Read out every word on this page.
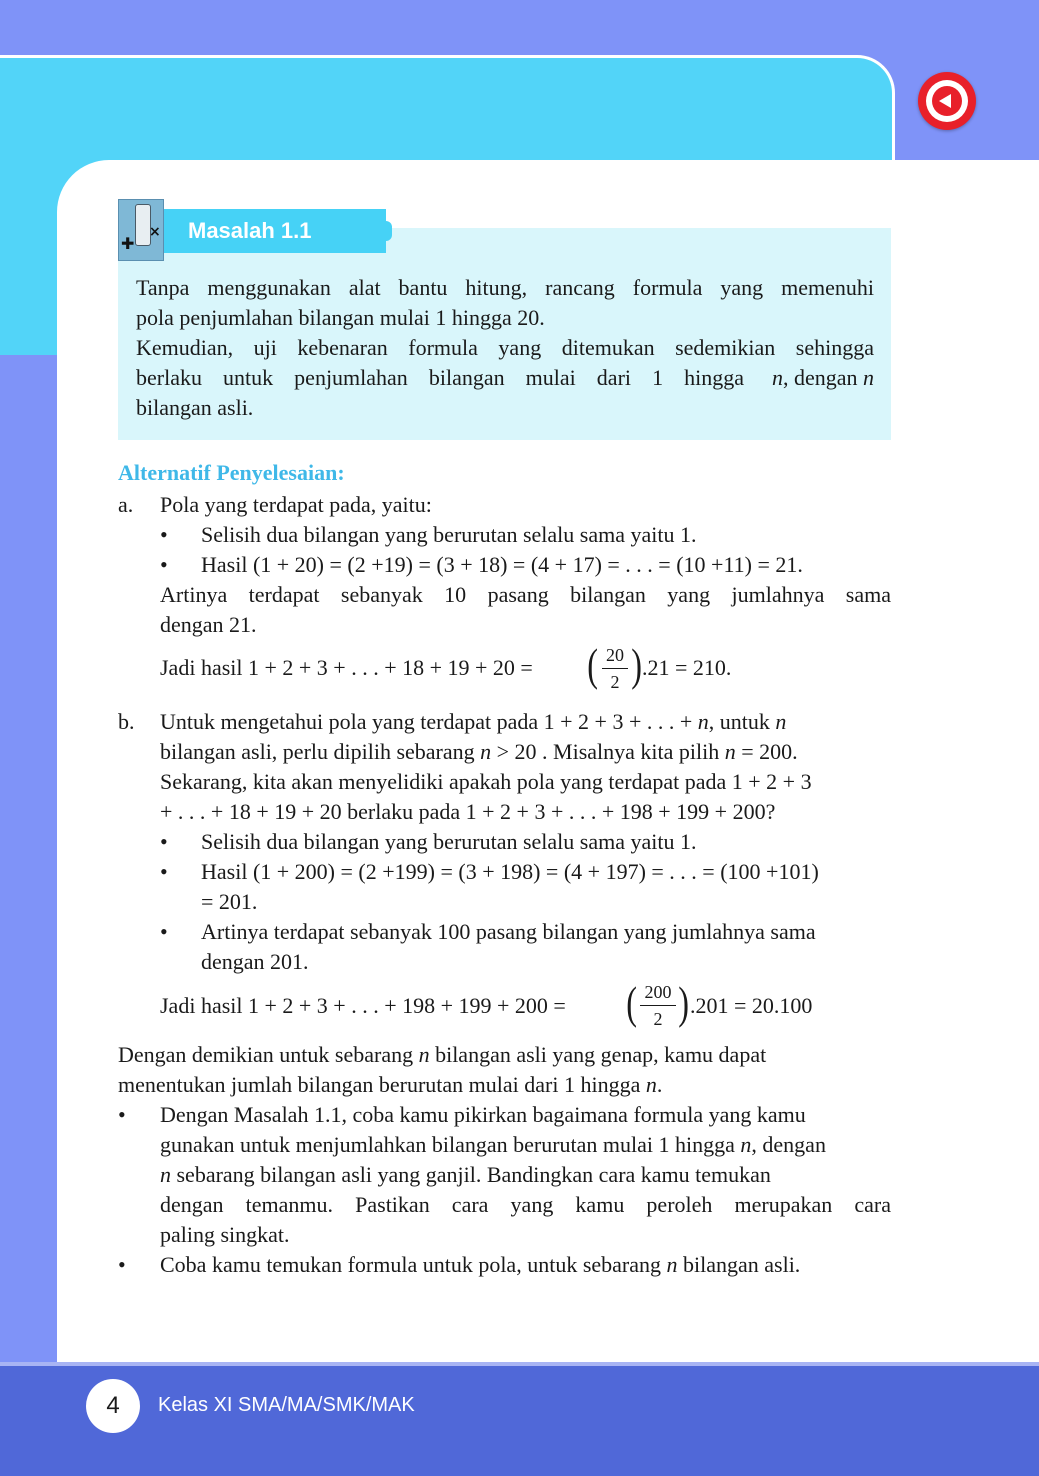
✚
×	Masalah 1.1
Tanpa menggunakan alat bantu hitung, rancang formula yang memenuhi
pola penjumlahan bilangan mulai 1 hingga 20.
Kemudian, uji kebenaran formula yang ditemukan sedemikian sehingga
berlaku untuk penjumlahan bilangan mulai dari 1 hingga n, dengan n
bilangan asli.
Alternatif Penyelesaian:
a. Pola yang terdapat pada, yaitu:
• Selisih dua bilangan yang berurutan selalu sama yaitu 1.
• Hasil (1 + 20) = (2 +19) = (3 + 18) = (4 + 17) = . . . = (10 +11) = 21.
Artinya terdapat sebanyak 10 pasang bilangan yang jumlahnya sama
dengan 21.
Jadi hasil 1 + 2 + 3 + . . . + 18 + 19 + 20 = ( 20
2 ) .21 = 210.
b. Untuk mengetahui pola yang terdapat pada 1 + 2 + 3 + . . . + n, untuk n
bilangan asli, perlu dipilih sebarang n > 20 . Misalnya kita pilih n = 200.
Sekarang, kita akan menyelidiki apakah pola yang terdapat pada 1 + 2 + 3
+ . . . + 18 + 19 + 20 berlaku pada 1 + 2 + 3 + . . . + 198 + 199 + 200?
• Selisih dua bilangan yang berurutan selalu sama yaitu 1.
• Hasil (1 + 200) = (2 +199) = (3 + 198) = (4 + 197) = . . . = (100 +101)
= 201.
• Artinya terdapat sebanyak 100 pasang bilangan yang jumlahnya sama
dengan 201.
Jadi hasil 1 + 2 + 3 + . . . + 198 + 199 + 200 = ( 200
2 ) .201 = 20.100
Dengan demikian untuk sebarang n bilangan asli yang genap, kamu dapat
menentukan jumlah bilangan berurutan mulai dari 1 hingga n.
• Dengan Masalah 1.1, coba kamu pikirkan bagaimana formula yang kamu
gunakan untuk menjumlahkan bilangan berurutan mulai 1 hingga n, dengan
n sebarang bilangan asli yang ganjil. Bandingkan cara kamu temukan
dengan temanmu. Pastikan cara yang kamu peroleh merupakan cara
paling singkat.
• Coba kamu temukan formula untuk pola, untuk sebarang n bilangan asli.
4	Kelas XI SMA/MA/SMK/MAK
